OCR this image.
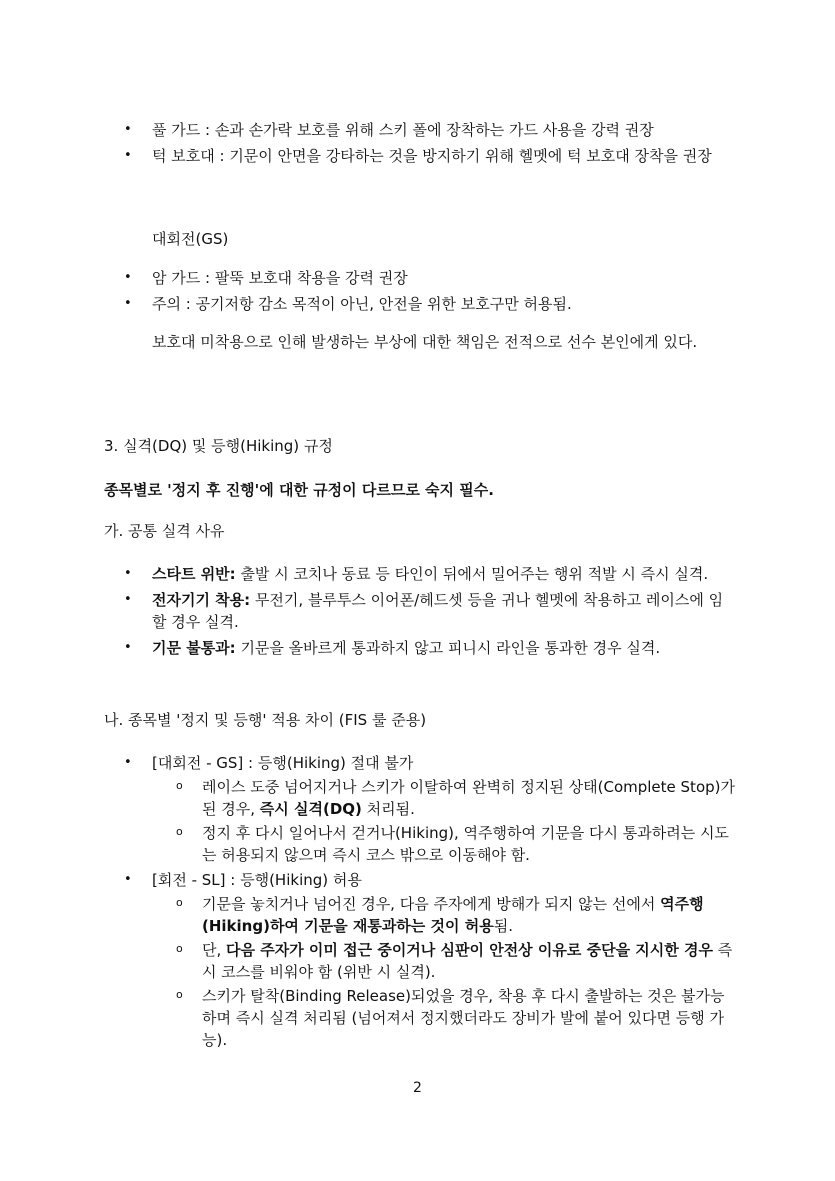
• 풀 가드 : 손과 손가락 보호를 위해 스키 폴에 장착하는 가드 사용을 강력 권장
• 턱 보호대 : 기문이 안면을 강타하는 것을 방지하기 위해 헬멧에 턱 보호대 장착을 권장
대회전(GS)
• 암 가드 : 팔뚝 보호대 착용을 강력 권장
• 주의 : 공기저항 감소 목적이 아닌, 안전을 위한 보호구만 허용됨.
보호대 미착용으로 인해 발생하는 부상에 대한 책임은 전적으로 선수 본인에게 있다.
3. 실격(DQ) 및 등행(Hiking) 규정
종목별로 '정지 후 진행'에 대한 규정이 다르므로 숙지 필수.
가. 공통 실격 사유
• 스타트 위반: 출발 시 코치나 동료 등 타인이 뒤에서 밀어주는 행위 적발 시 즉시 실격.
• 전자기기 착용: 무전기, 블루투스 이어폰/헤드셋 등을 귀나 헬멧에 착용하고 레이스에 임할 경우 실격.
• 기문 불통과: 기문을 올바르게 통과하지 않고 피니시 라인을 통과한 경우 실격.
나. 종목별 '정지 및 등행' 적용 차이 (FIS 룰 준용)
• [대회전 - GS] : 등행(Hiking) 절대 불가
o 레이스 도중 넘어지거나 스키가 이탈하여 완벽히 정지된 상태(Complete Stop)가 된 경우, 즉시 실격(DQ) 처리됨.
o 정지 후 다시 일어나서 걷거나(Hiking), 역주행하여 기문을 다시 통과하려는 시도는 허용되지 않으며 즉시 코스 밖으로 이동해야 함.
• [회전 - SL] : 등행(Hiking) 허용
o 기문을 놓치거나 넘어진 경우, 다음 주자에게 방해가 되지 않는 선에서 역주행(Hiking)하여 기문을 재통과하는 것이 허용됨.
o 단, 다음 주자가 이미 접근 중이거나 심판이 안전상 이유로 중단을 지시한 경우 즉시 코스를 비워야 함 (위반 시 실격).
o 스키가 탈착(Binding Release)되었을 경우, 착용 후 다시 출발하는 것은 불가능하며 즉시 실격 처리됨 (넘어져서 정지했더라도 장비가 발에 붙어 있다면 등행 가능).
2
